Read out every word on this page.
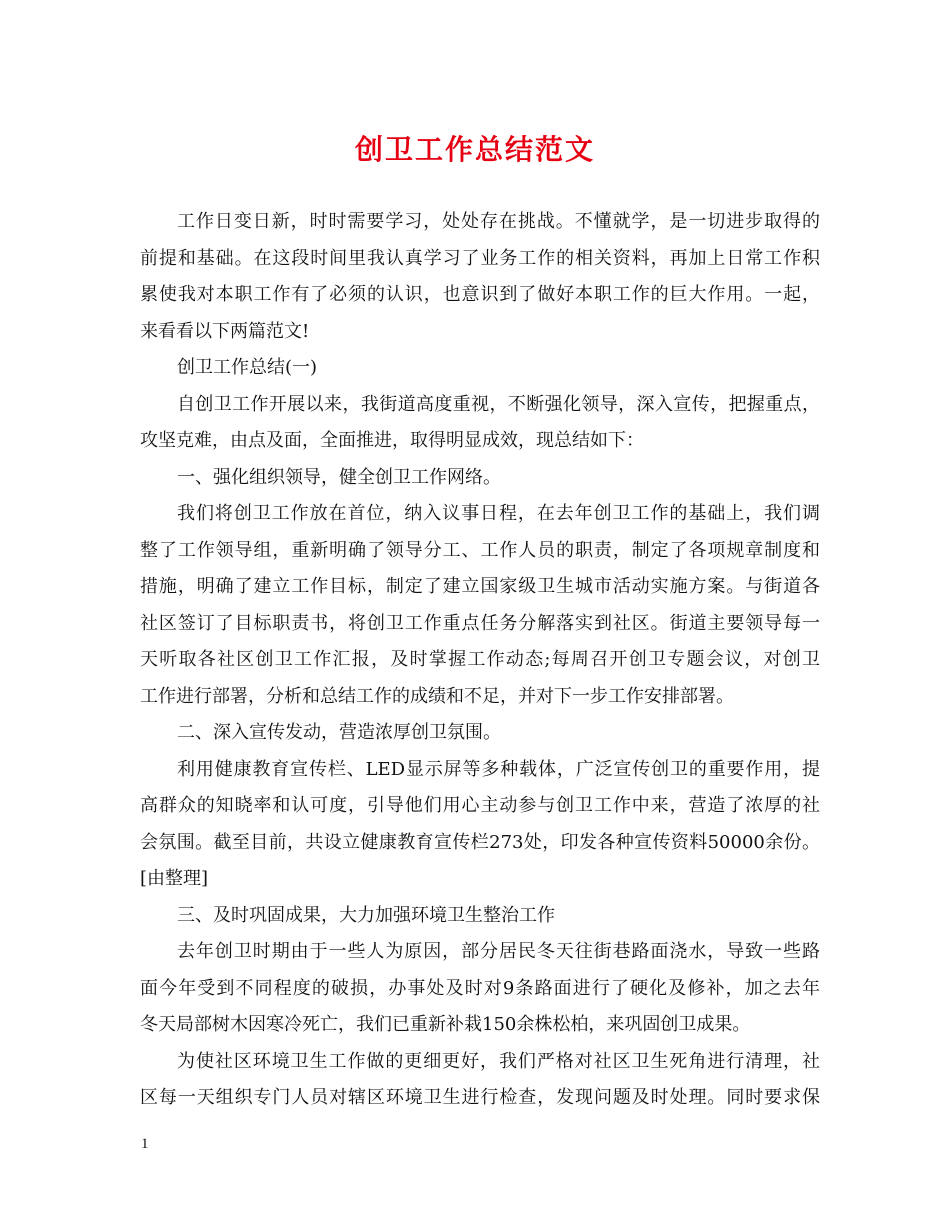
创卫工作总结范文
工作日变日新，时时需要学习，处处存在挑战。不懂就学，是一切进步取得的
前提和基础。在这段时间里我认真学习了业务工作的相关资料，再加上日常工作积
累使我对本职工作有了必须的认识，也意识到了做好本职工作的巨大作用。一起，
来看看以下两篇范文!
创卫工作总结(一)
自创卫工作开展以来，我街道高度重视，不断强化领导，深入宣传，把握重点，
攻坚克难，由点及面，全面推进，取得明显成效，现总结如下：
一、强化组织领导，健全创卫工作网络。
我们将创卫工作放在首位，纳入议事日程，在去年创卫工作的基础上，我们调
整了工作领导组，重新明确了领导分工、工作人员的职责，制定了各项规章制度和
措施，明确了建立工作目标，制定了建立国家级卫生城市活动实施方案。与街道各
社区签订了目标职责书，将创卫工作重点任务分解落实到社区。街道主要领导每一
天听取各社区创卫工作汇报，及时掌握工作动态;每周召开创卫专题会议，对创卫
工作进行部署，分析和总结工作的成绩和不足，并对下一步工作安排部署。
二、深入宣传发动，营造浓厚创卫氛围。
利用健康教育宣传栏、LED显示屏等多种载体，广泛宣传创卫的重要作用，提
高群众的知晓率和认可度，引导他们用心主动参与创卫工作中来，营造了浓厚的社
会氛围。截至目前，共设立健康教育宣传栏273处，印发各种宣传资料50000余份。
[由整理]
三、及时巩固成果，大力加强环境卫生整治工作
去年创卫时期由于一些人为原因，部分居民冬天往街巷路面浇水，导致一些路
面今年受到不同程度的破损，办事处及时对9条路面进行了硬化及修补，加之去年
冬天局部树木因寒冷死亡，我们已重新补栽150余株松柏，来巩固创卫成果。
为使社区环境卫生工作做的更细更好，我们严格对社区卫生死角进行清理，社
区每一天组织专门人员对辖区环境卫生进行检查，发现问题及时处理。同时要求保
1
